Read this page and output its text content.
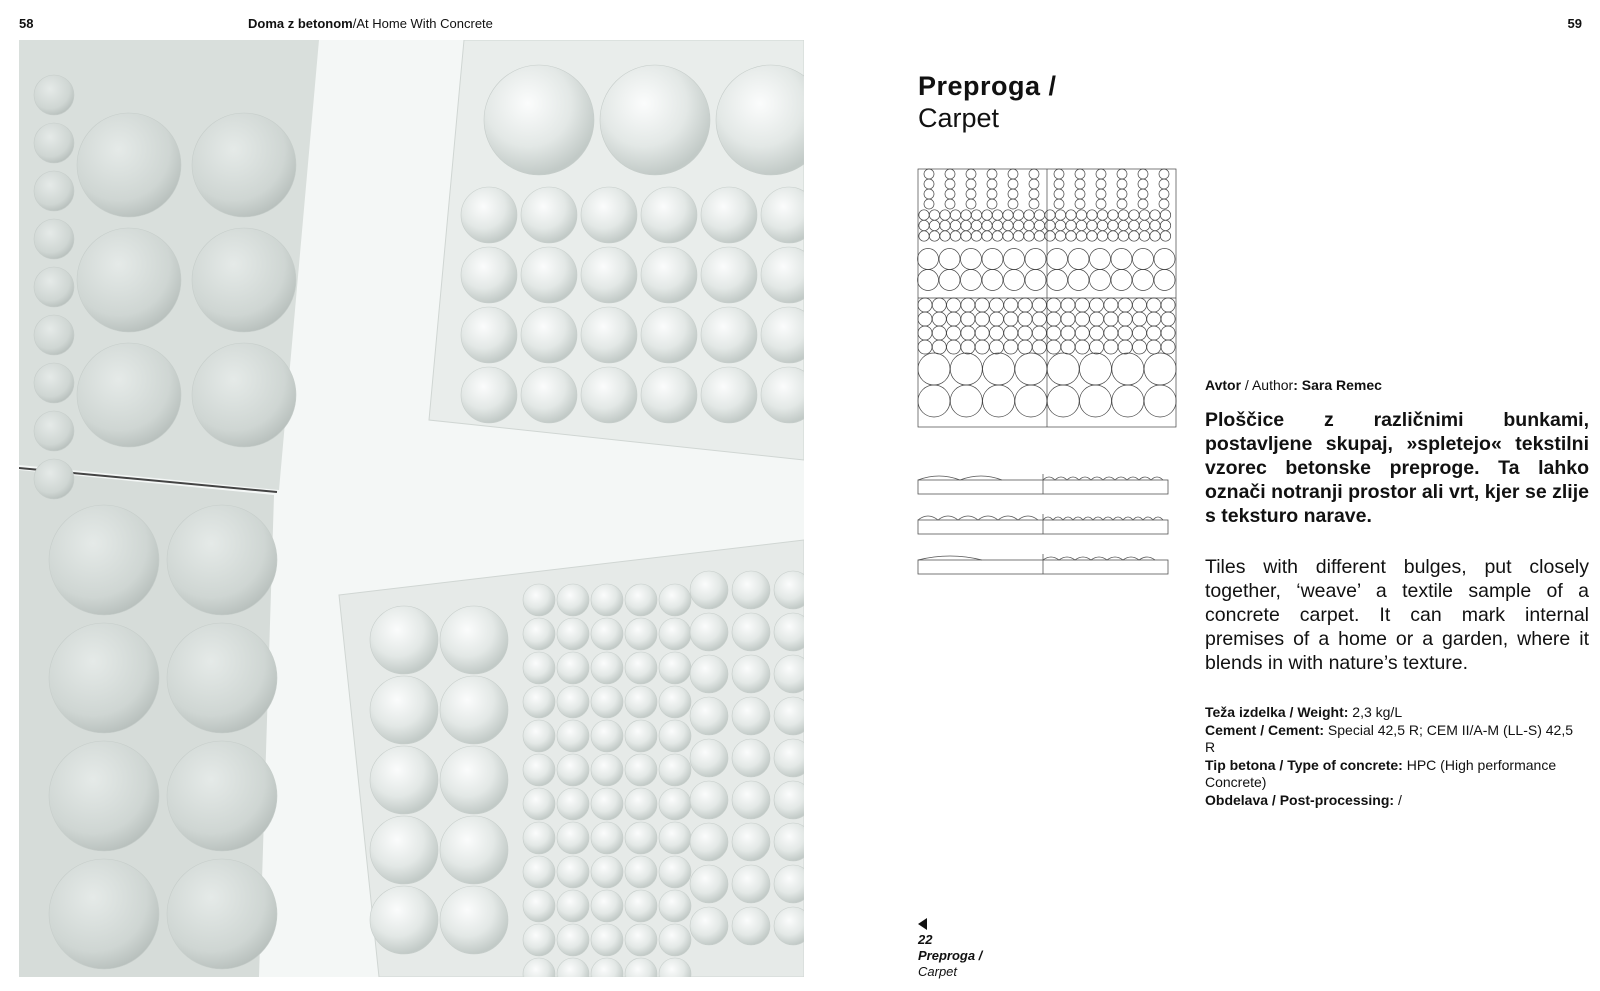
58	Doma z betonom/At Home With Concrete	59
Preproga /
Carpet
Avtor / Author: Sara Remec

Ploščice z različnimi bunkami, postavljene skupaj, »spletejo« tekstilni vzorec betonske preproge. Ta lahko označi notranji prostor ali vrt, kjer se zlije s teksturo narave.

Tiles with different bulges, put closely together, ‘weave’ a textile sample of a concrete carpet. It can mark internal premises of a home or a garden, where it blends in with nature’s texture.

Teža izdelka / Weight: 2,3 kg/L

Cement / Cement: Special 42,5 R; CEM II/A-M (LL-S) 42,5 R

Tip betona / Type of concrete: HPC (High performance Concrete)

Obdelava / Post-processing: /

22
Preproga /
Carpet
